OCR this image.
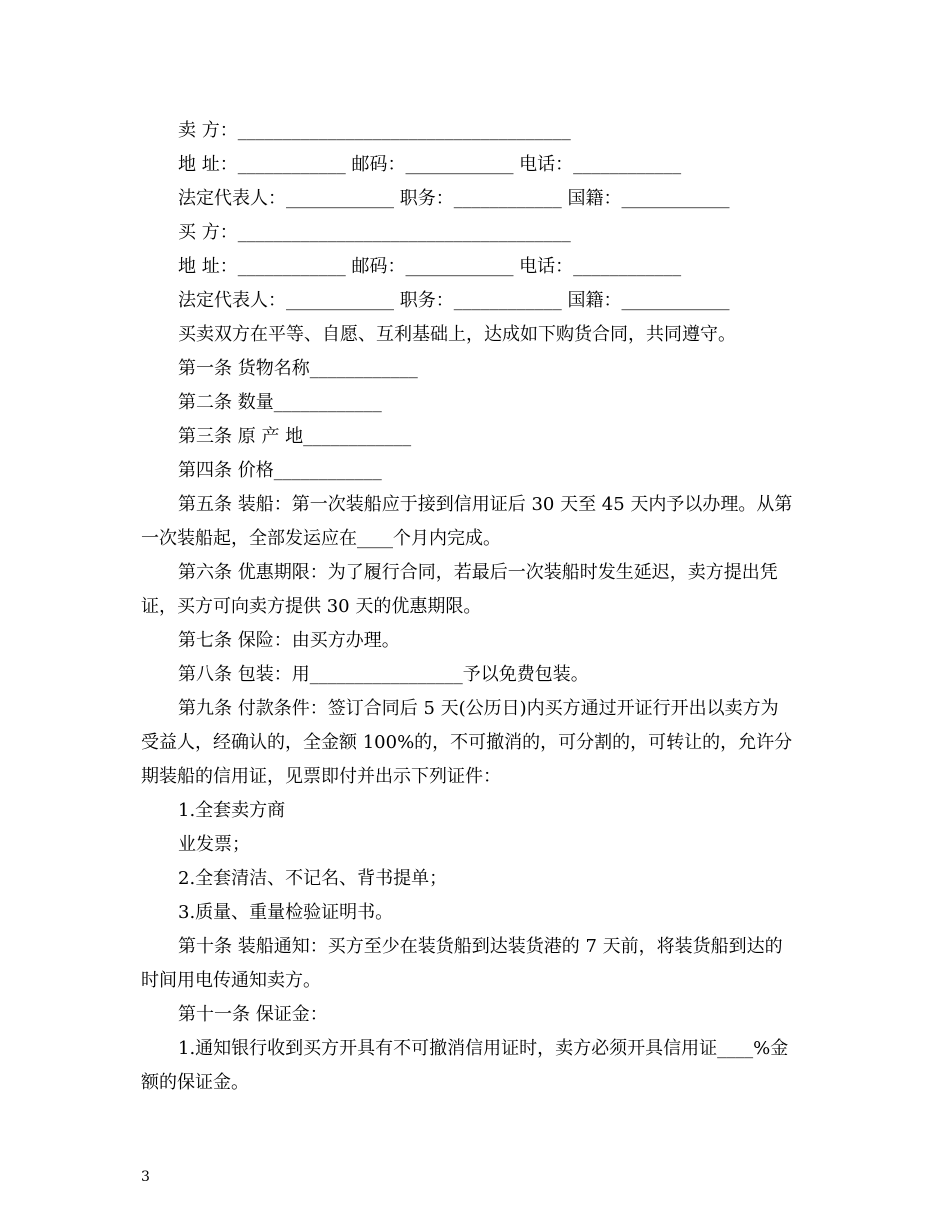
卖 方：_____________________________________
地 址：____________ 邮码：____________ 电话：____________
法定代表人：____________ 职务：____________ 国籍：____________
买 方：_____________________________________
地 址：____________ 邮码：____________ 电话：____________
法定代表人：____________ 职务：____________ 国籍：____________
买卖双方在平等、自愿、互利基础上，达成如下购货合同，共同遵守。
第一条 货物名称____________
第二条 数量____________
第三条 原 产 地____________
第四条 价格____________
第五条 装船：第一次装船应于接到信用证后 30 天至 45 天内予以办理。从第
一次装船起，全部发运应在____个月内完成。
第六条 优惠期限：为了履行合同，若最后一次装船时发生延迟，卖方提出凭
证，买方可向卖方提供 30 天的优惠期限。
第七条 保险：由买方办理。
第八条 包装：用_________________予以免费包装。
第九条 付款条件：签订合同后 5 天(公历日)内买方通过开证行开出以卖方为
受益人，经确认的，全金额 100%的，不可撤消的，可分割的，可转让的，允许分
期装船的信用证，见票即付并出示下列证件：
1.全套卖方商
业发票；
2.全套清洁、不记名、背书提单；
3.质量、重量检验证明书。
第十条 装船通知：买方至少在装货船到达装货港的 7 天前，将装货船到达的
时间用电传通知卖方。
第十一条 保证金：
1.通知银行收到买方开具有不可撤消信用证时，卖方必须开具信用证____%金
额的保证金。
3
